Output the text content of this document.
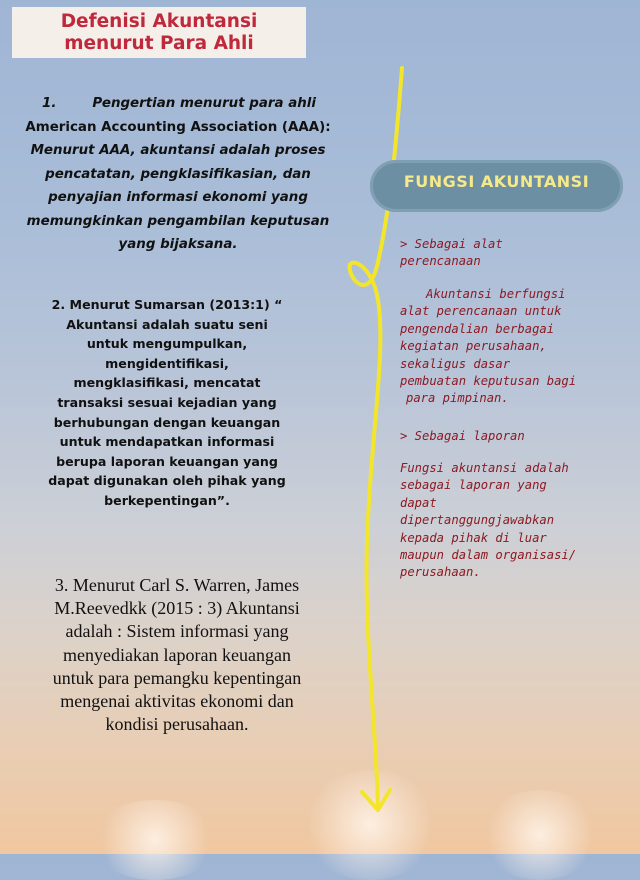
Defenisi Akuntansi
menurut Para Ahli
1.	Pengertian menurut para ahli
American Accounting Association (AAA):
Menurut AAA, akuntansi adalah proses
pencatatan, pengklasifikasian, dan
penyajian informasi ekonomi yang
memungkinkan pengambilan keputusan
yang bijaksana.
2. Menurut Sumarsan (2013:1) “
Akuntansi adalah suatu seni
untuk mengumpulkan,
mengidentifikasi,
mengklasifikasi, mencatat
transaksi sesuai kejadian yang
berhubungan dengan keuangan
untuk mendapatkan informasi
berupa laporan keuangan yang
dapat digunakan oleh pihak yang
berkepentingan”.
3. Menurut Carl S. Warren, James
M.Reevedkk (2015 : 3) Akuntansi
adalah : Sistem informasi yang
menyediakan laporan keuangan
untuk para pemangku kepentingan
mengenai aktivitas ekonomi dan
kondisi perusahaan.
FUNGSI AKUNTANSI
> Sebagai alat
perencanaan
Akuntansi berfungsi
alat perencanaan untuk
pengendalian berbagai
kegiatan perusahaan,
sekaligus dasar
pembuatan keputusan bagi
para pimpinan.
> Sebagai laporan
Fungsi akuntansi adalah
sebagai laporan yang
dapat
dipertanggungjawabkan
kepada pihak di luar
maupun dalam organisasi/
perusahaan.
